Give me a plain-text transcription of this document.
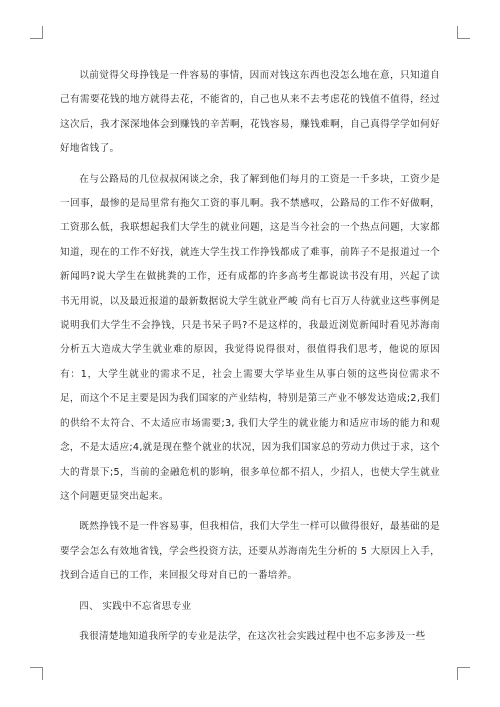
以前觉得父母挣钱是一件容易的事情，因而对钱这东西也没怎么地在意，只知道自己有需要花钱的地方就得去花，不能省的，自己也从来不去考虑花的钱值不值得，经过这次后，我才深深地体会到赚钱的辛苦啊，花钱容易，赚钱难啊，自己真得学学如何好好地省钱了。

在与公路局的几位叔叔闲谈之余，我了解到他们每月的工资是一千多块，工资少是一回事，最惨的是局里常有拖欠工资的事儿啊。我不禁感叹，公路局的工作不好做啊，工资那么低，我联想起我们大学生的就业问题，这是当今社会的一个热点问题，大家都知道，现在的工作不好找，就连大学生找工作挣钱都成了难事，前阵子不是报道过一个新闻吗?说大学生在做挑粪的工作，还有成都的许多高考生都说读书没有用，兴起了读书无用说，以及最近报道的最新数据说大学生就业严峻 尚有七百万人待就业这些事例是说明我们大学生不会挣钱，只是书呆子吗?不是这样的，我最近浏览新闻时看见苏海南分析五大造成大学生就业难的原因，我觉得说得很对，很值得我们思考，他说的原因有：1，大学生就业的需求不足，社会上需要大学毕业生从事白领的这些岗位需求不足，而这个不足主要是因为我们国家的产业结构，特别是第三产业不够发达造成;2,我们的供给不太符合、不太适应市场需要;3, 我们大学生的就业能力和适应市场的能力和观念，不是太适应;4,就是现在整个就业的状况，因为我们国家总的劳动力供过于求，这个大的背景下;5，当前的金融危机的影响，很多单位都不招人，少招人，也使大学生就业这个问题更显突出起来。

既然挣钱不是一件容易事，但我相信，我们大学生一样可以做得很好，最基础的是要学会怎么有效地省钱，学会些投资方法，还要从苏海南先生分析的 5 大原因上入手，找到合适自已的工作，来回报父母对自已的一番培养。

四、 实践中不忘省思专业

我很清楚地知道我所学的专业是法学，在这次社会实践过程中也不忘多涉及一些
